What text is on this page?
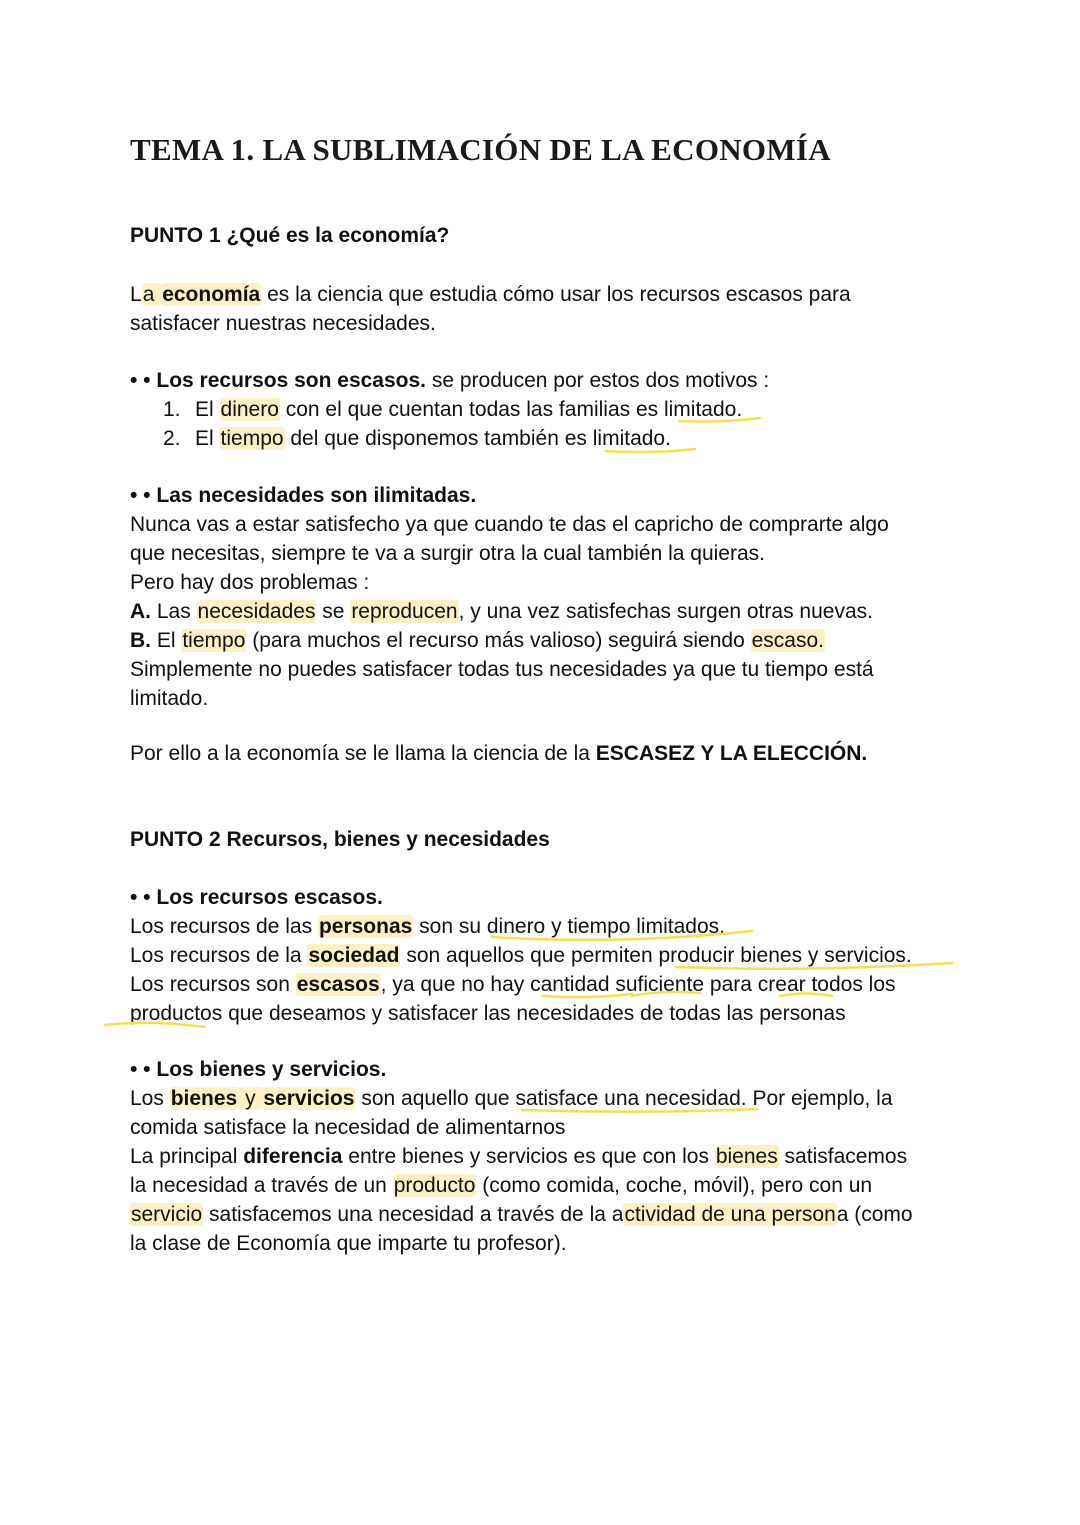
TEMA 1. LA SUBLIMACIÓN DE LA ECONOMÍA

PUNTO 1 ¿Qué es la economía?

La economía es la ciencia que estudia cómo usar los recursos escasos para
satisfacer nuestras necesidades.

• • Los recursos son escasos. se producen por estos dos motivos :

1. El dinero con el que cuentan todas las familias es limitado.
2. El tiempo del que disponemos también es limitado.
• • Las necesidades son ilimitadas.
Nunca vas a estar satisfecho ya que cuando te das el capricho de comprarte algo
que necesitas, siempre te va a surgir otra la cual también la quieras.
Pero hay dos problemas :
A. Las necesidades se reproducen, y una vez satisfechas surgen otras nuevas.
B. El tiempo (para muchos el recurso más valioso) seguirá siendo escaso.
Simplemente no puedes satisfacer todas tus necesidades ya que tu tiempo está
limitado.

Por ello a la economía se le llama la ciencia de la ESCASEZ Y LA ELECCIÓN.

PUNTO 2 Recursos, bienes y necesidades

• • Los recursos escasos.
Los recursos de las personas son su dinero y tiempo limitados.
Los recursos de la sociedad son aquellos que permiten producir bienes y servicios.
Los recursos son escasos, ya que no hay cantidad suficiente para crear todos los
productos que deseamos y satisfacer las necesidades de todas las personas
• • Los bienes y servicios.
Los bienes y servicios son aquello que satisface una necesidad. Por ejemplo, la
comida satisface la necesidad de alimentarnos
La principal diferencia entre bienes y servicios es que con los bienes satisfacemos
la necesidad a través de un producto (como comida, coche, móvil), pero con un
servicio satisfacemos una necesidad a través de la actividad de una persona (como
la clase de Economía que imparte tu profesor).
